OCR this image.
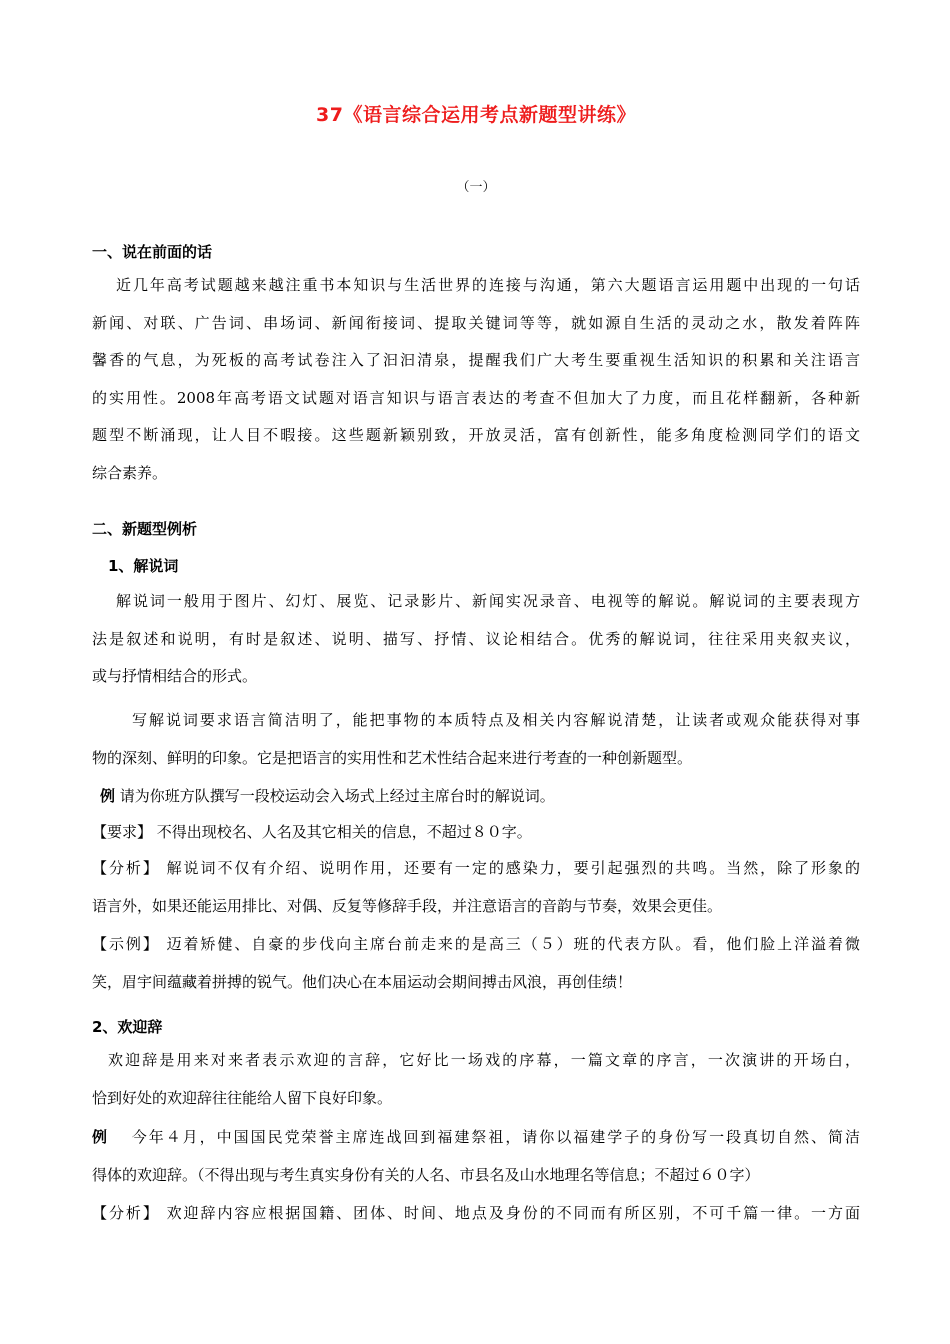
37《语言综合运用考点新题型讲练》
（一）
一、说在前面的话
近几年高考试题越来越注重书本知识与生活世界的连接与沟通，第六大题语言运用题中出现的一句话
新闻、对联、广告词、串场词、新闻衔接词、提取关键词等等，就如源自生活的灵动之水，散发着阵阵
馨香的气息，为死板的高考试卷注入了汩汩清泉，提醒我们广大考生要重视生活知识的积累和关注语言
的实用性。2008年高考语文试题对语言知识与语言表达的考查不但加大了力度，而且花样翻新，各种新
题型不断涌现，让人目不暇接。这些题新颖别致，开放灵活，富有创新性，能多角度检测同学们的语文
综合素养。
二、新题型例析
1、解说词
解说词一般用于图片、幻灯、展览、记录影片、新闻实况录音、电视等的解说。解说词的主要表现方
法是叙述和说明，有时是叙述、说明、描写、抒情、议论相结合。优秀的解说词，往往采用夹叙夹议，
或与抒情相结合的形式。
写解说词要求语言简洁明了，能把事物的本质特点及相关内容解说清楚，让读者或观众能获得对事
物的深刻、鲜明的印象。它是把语言的实用性和艺术性结合起来进行考查的一种创新题型。
例 请为你班方队撰写一段校运动会入场式上经过主席台时的解说词。
【要求】 不得出现校名、人名及其它相关的信息，不超过８０字。
【分析】 解说词不仅有介绍、说明作用，还要有一定的感染力，要引起强烈的共鸣。当然，除了形象的
语言外，如果还能运用排比、对偶、反复等修辞手段，并注意语言的音韵与节奏，效果会更佳。
【示例】 迈着矫健、自豪的步伐向主席台前走来的是高三（５）班的代表方队。看，他们脸上洋溢着微
笑，眉宇间蕴藏着拼搏的锐气。他们决心在本届运动会期间搏击风浪，再创佳绩！
2、欢迎辞
欢迎辞是用来对来者表示欢迎的言辞，它好比一场戏的序幕，一篇文章的序言，一次演讲的开场白，
恰到好处的欢迎辞往往能给人留下良好印象。
例 今年４月，中国国民党荣誉主席连战回到福建祭祖，请你以福建学子的身份写一段真切自然、简洁
得体的欢迎辞。（不得出现与考生真实身份有关的人名、市县名及山水地理名等信息；不超过６０字）
【分析】 欢迎辞内容应根据国籍、团体、时间、地点及身份的不同而有所区别，不可千篇一律。一方面
